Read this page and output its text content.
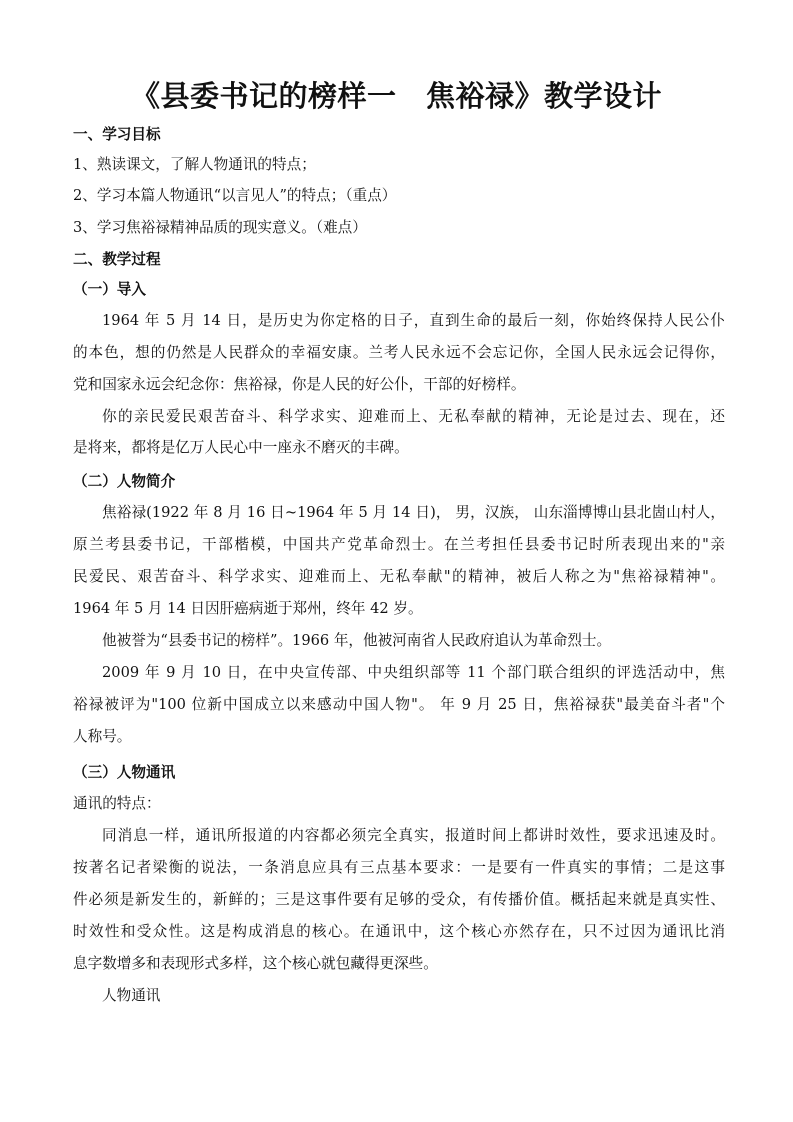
《县委书记的榜样一　焦裕禄》教学设计
一、学习目标
1、熟读课文，了解人物通讯的特点；
2、学习本篇人物通讯“以言见人”的特点；（重点）
3、学习焦裕禄精神品质的现实意义。（难点）
二、教学过程
（一）导入
1964 年 5 月 14 日，是历史为你定格的日子，直到生命的最后一刻，你始终保持人民公仆
的本色，想的仍然是人民群众的幸福安康。兰考人民永远不会忘记你，全国人民永远会记得你，
党和国家永远会纪念你：焦裕禄，你是人民的好公仆，干部的好榜样。
你的亲民爱民艰苦奋斗、科学求实、迎难而上、无私奉献的精神，无论是过去、现在，还
是将来，都将是亿万人民心中一座永不磨灭的丰碑。
（二）人物简介
焦裕禄(1922 年 8 月 16 日~1964 年 5 月 14 日)， 男，汉族， 山东淄博博山县北崮山村人，
原兰考县委书记，干部楷模，中国共产党革命烈士。在兰考担任县委书记时所表现出来的"亲
民爱民、艰苦奋斗、科学求实、迎难而上、无私奉献"的精神，被后人称之为"焦裕禄精神"。
1964 年 5 月 14 日因肝癌病逝于郑州，终年 42 岁。
他被誉为“县委书记的榜样”。1966 年，他被河南省人民政府追认为革命烈士。
2009 年 9 月 10 日，在中央宣传部、中央组织部等 11 个部门联合组织的评选活动中，焦
裕禄被评为"100 位新中国成立以来感动中国人物"。 年 9 月 25 日，焦裕禄获"最美奋斗者"个
人称号。
（三）人物通讯
通讯的特点：
同消息一样，通讯所报道的内容都必须完全真实，报道时间上都讲时效性，要求迅速及时。
按著名记者梁衡的说法，一条消息应具有三点基本要求：一是要有一件真实的事情；二是这事
件必须是新发生的，新鲜的；三是这事件要有足够的受众，有传播价值。概括起来就是真实性、
时效性和受众性。这是构成消息的核心。在通讯中，这个核心亦然存在，只不过因为通讯比消
息字数增多和表现形式多样，这个核心就包藏得更深些。
人物通讯
